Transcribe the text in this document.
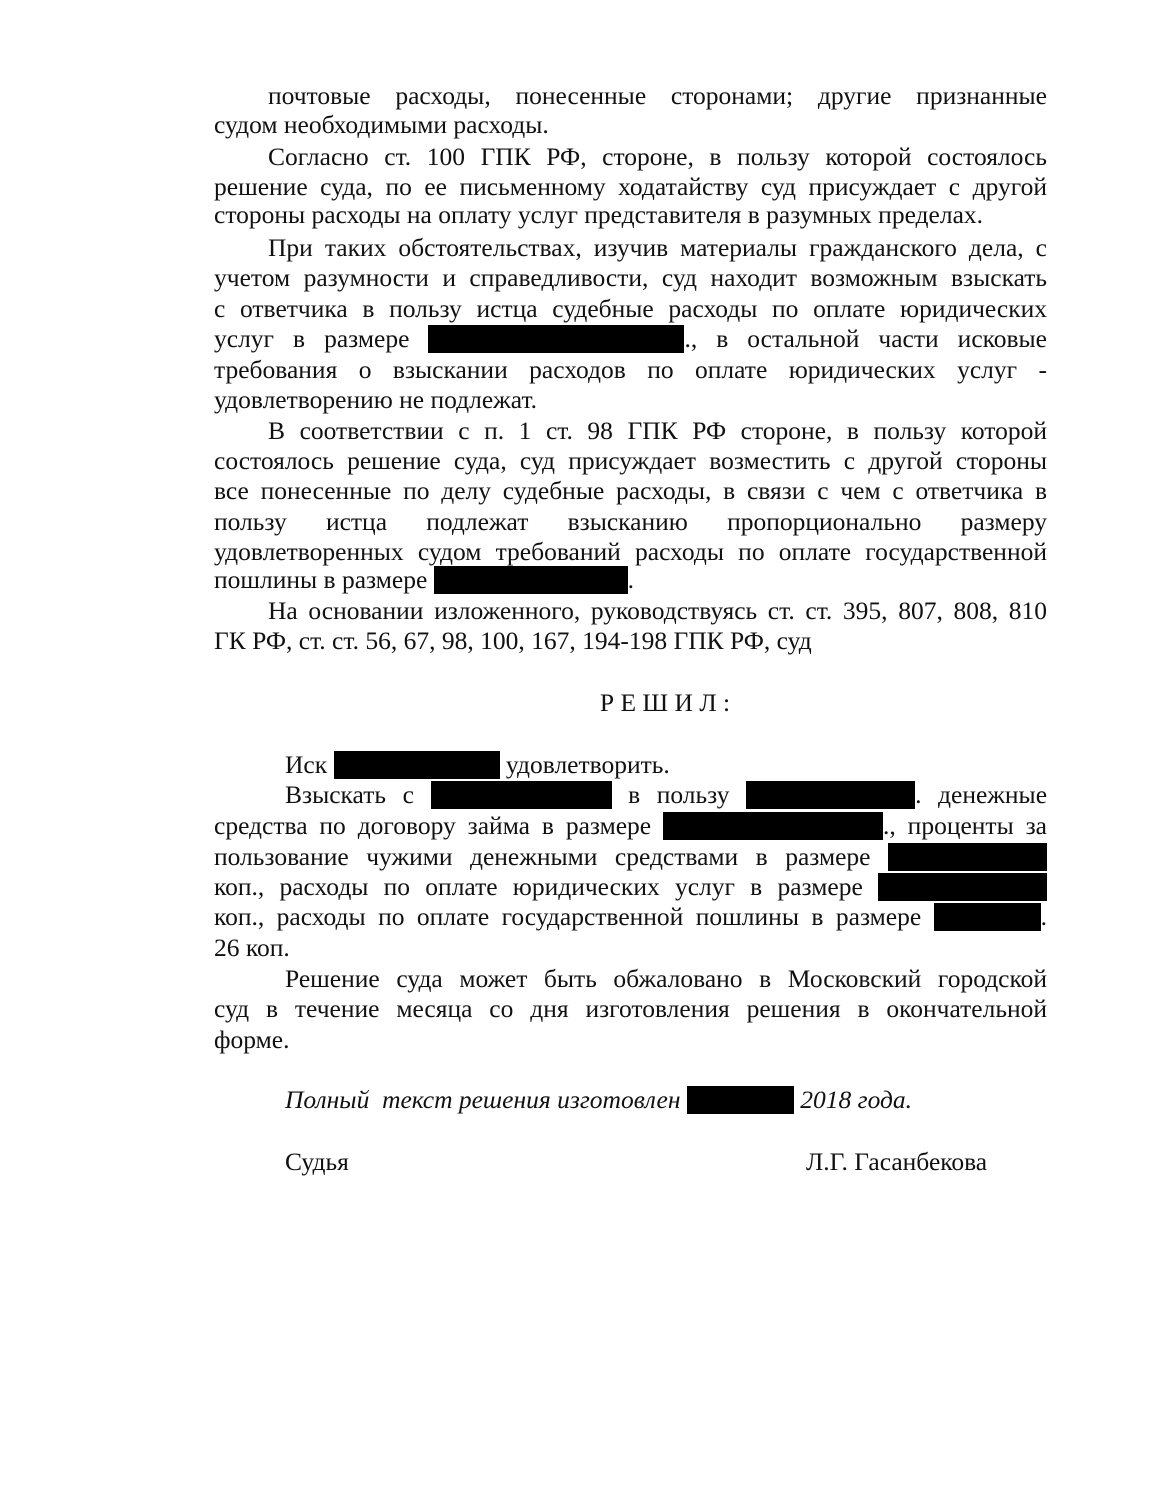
почтовые расходы, понесенные сторонами; другие признанные
судом необходимыми расходы.
Согласно ст. 100 ГПК РФ, стороне, в пользу которой состоялось
решение суда, по ее письменному ходатайству суд присуждает с другой
стороны расходы на оплату услуг представителя в разумных пределах.
При таких обстоятельствах, изучив материалы гражданского дела, с
учетом разумности и справедливости, суд находит возможным взыскать
с ответчика в пользу истца судебные расходы по оплате юридических
услуг в размере	., в остальной части исковые
требования о взыскании расходов по оплате юридических услуг -
удовлетворению не подлежат.
В соответствии с п. 1 ст. 98 ГПК РФ стороне, в пользу которой
состоялось решение суда, суд присуждает возместить с другой стороны
все понесенные по делу судебные расходы, в связи с чем с ответчика в
пользу истца подлежат взысканию пропорционально размеру
удовлетворенных судом требований расходы по оплате государственной
пошлины в размере	.
На основании изложенного, руководствуясь ст. ст. 395, 807, 808, 810
ГК РФ, ст. ст. 56, 67, 98, 100, 167, 194-198 ГПК РФ, суд
Р Е Ш И Л :
Иск	удовлетворить.
Взыскать с	в пользу	. денежные
средства по договору займа в размере	., проценты за
пользование чужими денежными средствами в размере
коп., расходы по оплате юридических услуг в размере
коп., расходы по оплате государственной пошлины в размере	.
26 коп.
Решение суда может быть обжаловано в Московский городской
суд в течение месяца со дня изготовления решения в окончательной
форме.
Полный  текст решения изготовлен	2018 года.
Судья	Л.Г. Гасанбекова
